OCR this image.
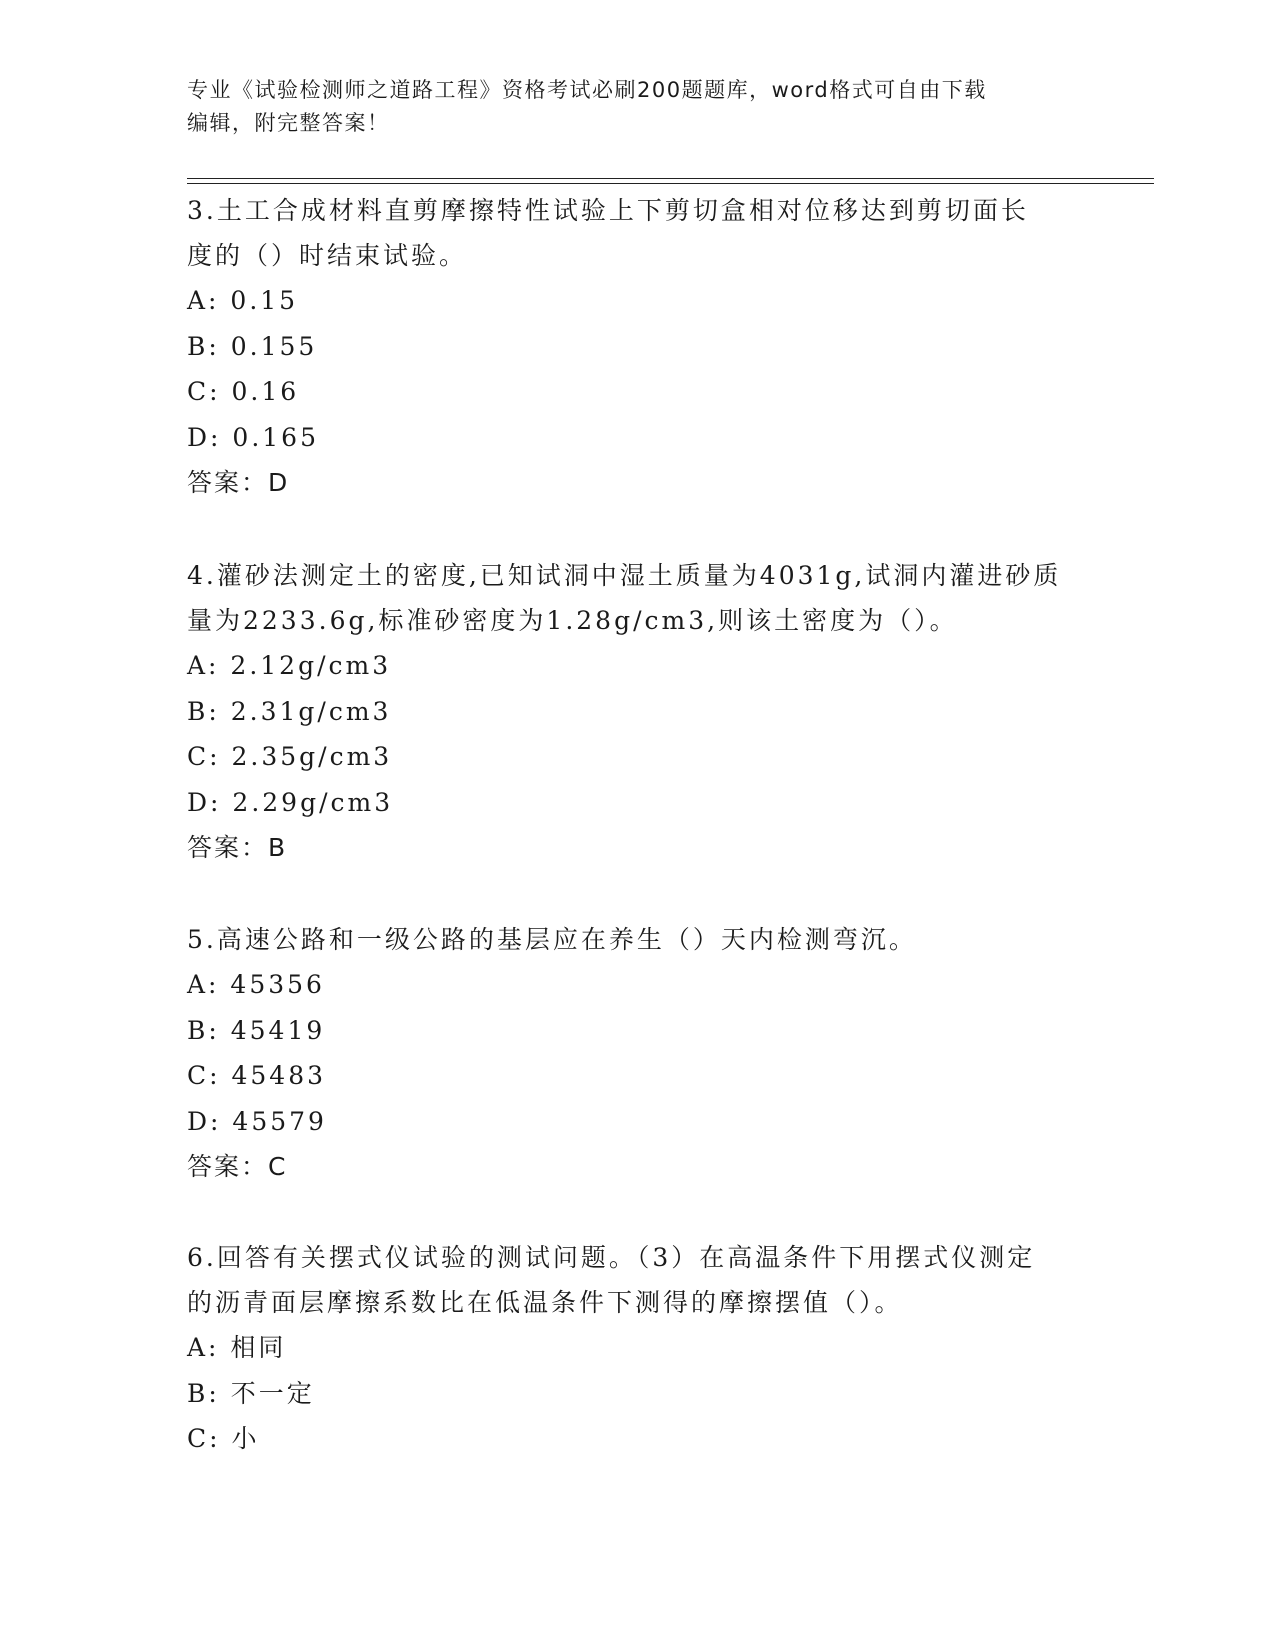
专业《试验检测师之道路工程》资格考试必刷200题题库，word格式可自由下载
编辑，附完整答案！
3.土工合成材料直剪摩擦特性试验上下剪切盒相对位移达到剪切面长
度的（）时结束试验。
A: 0.15
B: 0.155
C: 0.16
D: 0.165
答案：D
4.灌砂法测定土的密度,已知试洞中湿土质量为4031g,试洞内灌进砂质
量为2233.6g,标准砂密度为1.28g/cm3,则该土密度为（）。
A: 2.12g/cm3
B: 2.31g/cm3
C: 2.35g/cm3
D: 2.29g/cm3
答案：B
5.高速公路和一级公路的基层应在养生（）天内检测弯沉。
A: 45356
B: 45419
C: 45483
D: 45579
答案：C
6.回答有关摆式仪试验的测试问题。（3）在高温条件下用摆式仪测定
的沥青面层摩擦系数比在低温条件下测得的摩擦摆值（）。
A: 相同
B: 不一定
C: 小
